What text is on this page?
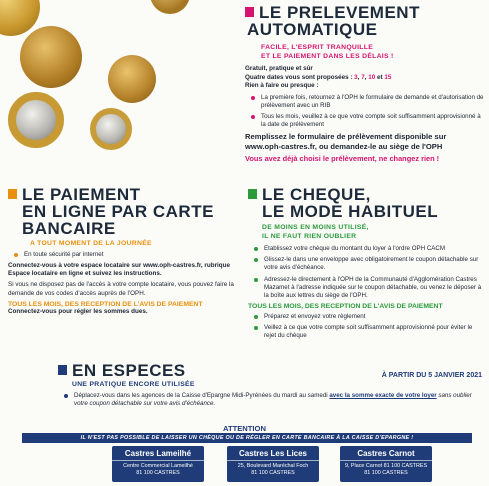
LE PRELEVEMENT
AUTOMATIQUE
FACILE, L'ESPRIT TRANQUILLE
ET LE PAIEMENT DANS LES DÉLAIS !
Gratuit, pratique et sûr
Quatre dates vous sont proposées : 3, 7, 10 et 15
Rien à faire ou presque :
La première fois, retournez à l'OPH le formulaire de demande et d'autorisation de prélèvement avec un RIB
Tous les mois, veuillez à ce que votre compte soit suffisamment approvisionné à la date de prélèvement
Remplissez le formulaire de prélèvement disponible sur
www.oph-castres.fr, ou demandez-le au siège de l'OPH
Vous avez déjà choisi le prélèvement, ne changez rien !
LE PAIEMENT
EN LIGNE PAR CARTE
BANCAIRE
A TOUT MOMENT DE LA JOURNÉE
En toute sécurité par internet
Connectez-vous à votre espace locataire sur www.oph-castres.fr, rubrique Espace locataire en ligne et suivez les instructions.
Si vous ne disposez pas de l'accès à votre compte locataire, vous pouvez faire la demande de vos codes d'accès auprès de l'OPH.
TOUS LES MOIS, DES RECEPTION DE L'AVIS DE PAIEMENT
Connectez-vous pour régler les sommes dues.
LE CHEQUE,
LE MODE HABITUEL
DE MOINS EN MOINS UTILISÉ,
IL NE FAUT RIEN OUBLIER
Etablissez votre chèque du montant du loyer à l'ordre OPH CACM
Glissez-le dans une enveloppe avec obligatoirement le coupon détachable sur votre avis d'échéance.
Adressez-le directement à l'OPH de la Communauté d'Agglomération Castres Mazamet à l'adresse indiquée sur le coupon détachable, ou venez le déposer à la boîte aux lettres du siège de l'OPH.
TOUS LES MOIS, DES RECEPTION DE L'AVIS DE PAIEMENT
Préparez et envoyez votre règlement
Veillez à ce que votre compte soit suffisamment approvisionné pour éviter le rejet du chèque
EN ESPECES
UNE PRATIQUE ENCORE UTILISÉE
À PARTIR DU 5 JANVIER 2021
Déplacez-vous dans les agences de la Caisse d'Epargne Midi-Pyrénées du mardi au samedi avec la somme exacte de votre loyer sans oublier votre coupon détachable sur votre avis d'échéance.
ATTENTION
IL N'EST PAS POSSIBLE DE LAISSER UN CHÈQUE OU DE RÉGLER EN CARTE BANCAIRE À LA CAISSE D'EPARGNE !
Castres Lameilhé
Centre Commercial Lameilhé
81 100 CASTRES
Castres Les Lices
25, Boulevard Maréchal Foch
81 100 CASTRES
Castres Carnot
9, Place Carnot 81 100 CASTRES
81 100 CASTRES
